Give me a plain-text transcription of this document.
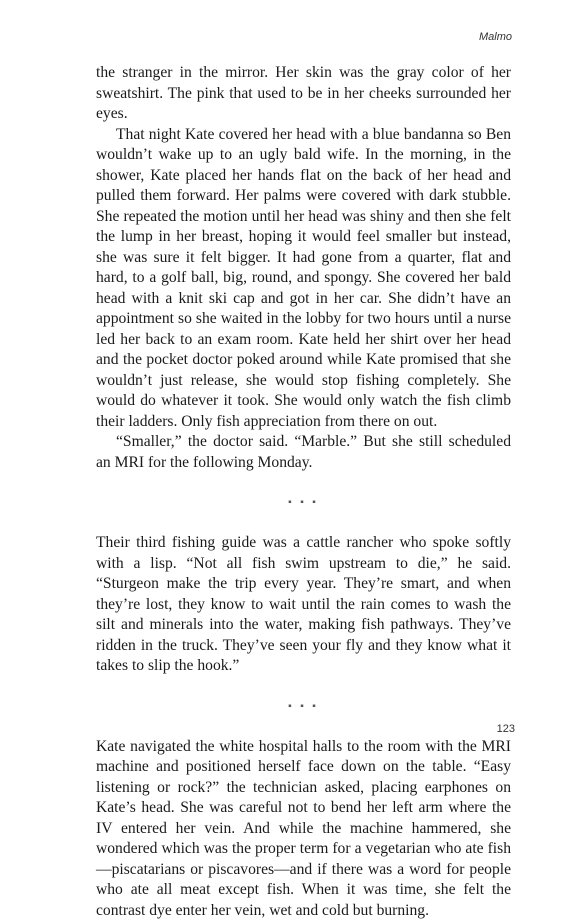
Malmo

the stranger in the mirror. Her skin was the gray color of her sweatshirt. The pink that used to be in her cheeks surrounded her eyes.

That night Kate covered her head with a blue bandanna so Ben wouldn’t wake up to an ugly bald wife. In the morning, in the shower, Kate placed her hands flat on the back of her head and pulled them forward. Her palms were covered with dark stubble. She repeated the motion until her head was shiny and then she felt the lump in her breast, hoping it would feel smaller but instead, she was sure it felt bigger. It had gone from a quarter, flat and hard, to a golf ball, big, round, and spongy. She covered her bald head with a knit ski cap and got in her car. She didn’t have an appointment so she waited in the lobby for two hours until a nurse led her back to an exam room. Kate held her shirt over her head and the pocket doctor poked around while Kate promised that she wouldn’t just release, she would stop fishing completely. She would do whatever it took. She would only watch the fish climb their ladders. Only fish appreciation from there on out.

“Smaller,” the doctor said. “Marble.” But she still scheduled an MRI for the following Monday.

▪ ▪ ▪

Their third fishing guide was a cattle rancher who spoke softly with a lisp. “Not all fish swim upstream to die,” he said. “Sturgeon make the trip every year. They’re smart, and when they’re lost, they know to wait until the rain comes to wash the silt and minerals into the water, making fish pathways. They’ve ridden in the truck. They’ve seen your fly and they know what it takes to slip the hook.”

▪ ▪ ▪

Kate navigated the white hospital halls to the room with the MRI machine and positioned herself face down on the table. “Easy listening or rock?” the technician asked, placing earphones on Kate’s head. She was careful not to bend her left arm where the IV entered her vein. And while the machine hammered, she wondered which was the proper term for a vegetarian who ate fish—piscatarians or piscavores—and if there was a word for people who ate all meat except fish. When it was time, she felt the contrast dye enter her vein, wet and cold but burning.

123
